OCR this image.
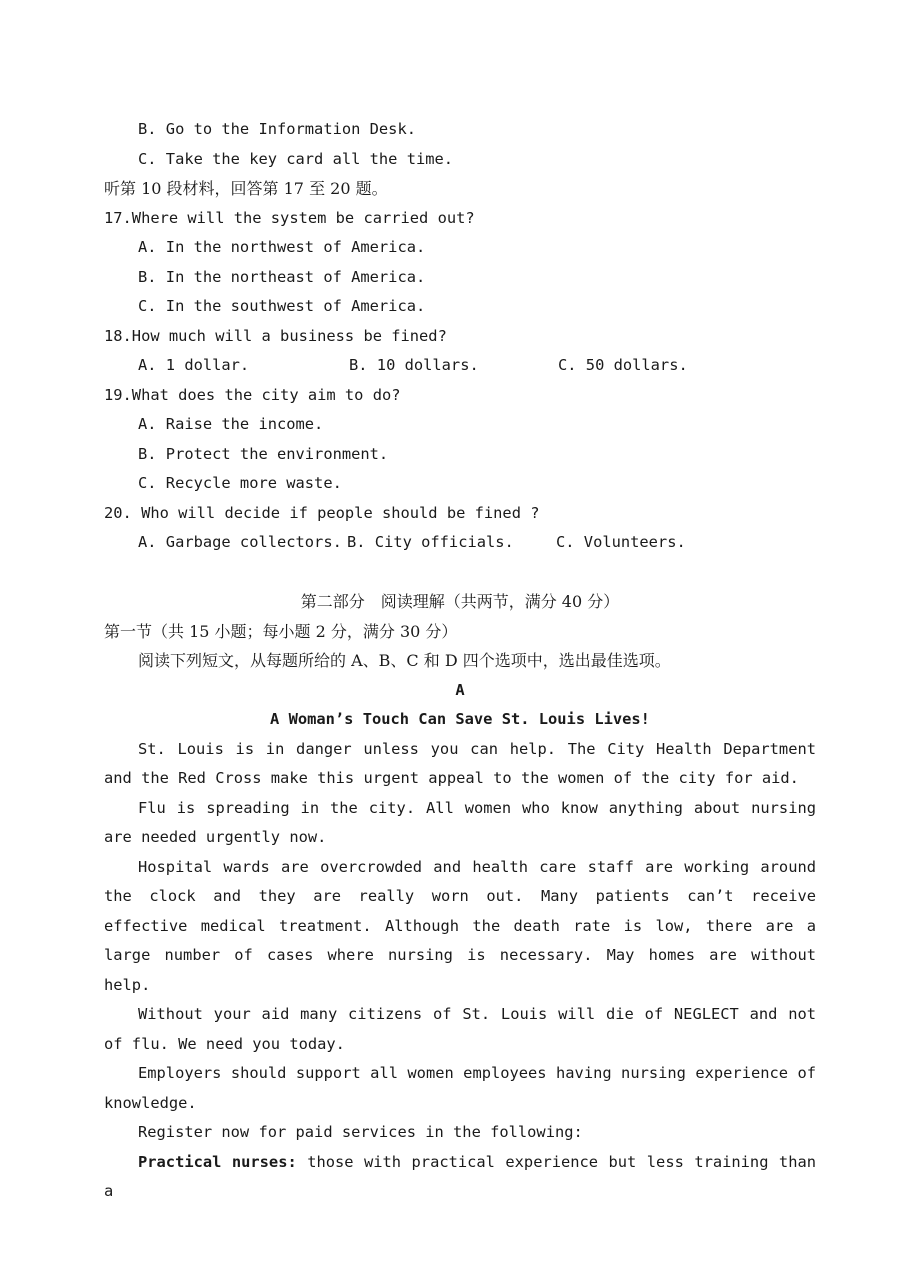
B. Go to the Information Desk.
C. Take the key card all the time.
听第 10 段材料，回答第 17 至 20 题。
17.Where will the system be carried out?
A. In the northwest of America.
B. In the northeast of America.
C. In the southwest of America.
18.How much will a business be fined?
A. 1 dollar.	B. 10 dollars.	C. 50 dollars.
19.What does the city aim to do?
A. Raise the income.
B. Protect the environment.
C. Recycle more waste.
20. Who will decide if people should be fined ?
A. Garbage collectors. B. City officials.	C. Volunteers.
第二部分　阅读理解（共两节，满分 40 分）
第一节（共 15 小题；每小题 2 分，满分 30 分）
阅读下列短文，从每题所给的 A、B、C 和 D 四个选项中，选出最佳选项。
A
A Woman’s Touch Can Save St. Louis Lives!
St. Louis is in danger unless you can help. The City Health Department and the Red Cross make this urgent appeal to the women of the city for aid.
Flu is spreading in the city. All women who know anything about nursing are needed urgently now.
Hospital wards are overcrowded and health care staff are working around the clock and they are really worn out. Many patients can’t receive effective medical treatment. Although the death rate is low, there are a large number of cases where nursing is necessary. May homes are without help.
Without your aid many citizens of St. Louis will die of NEGLECT and not of flu. We need you today.
Employers should support all women employees having nursing experience of knowledge.
Register now for paid services in the following:
Practical nurses: those with practical experience but less training than a
